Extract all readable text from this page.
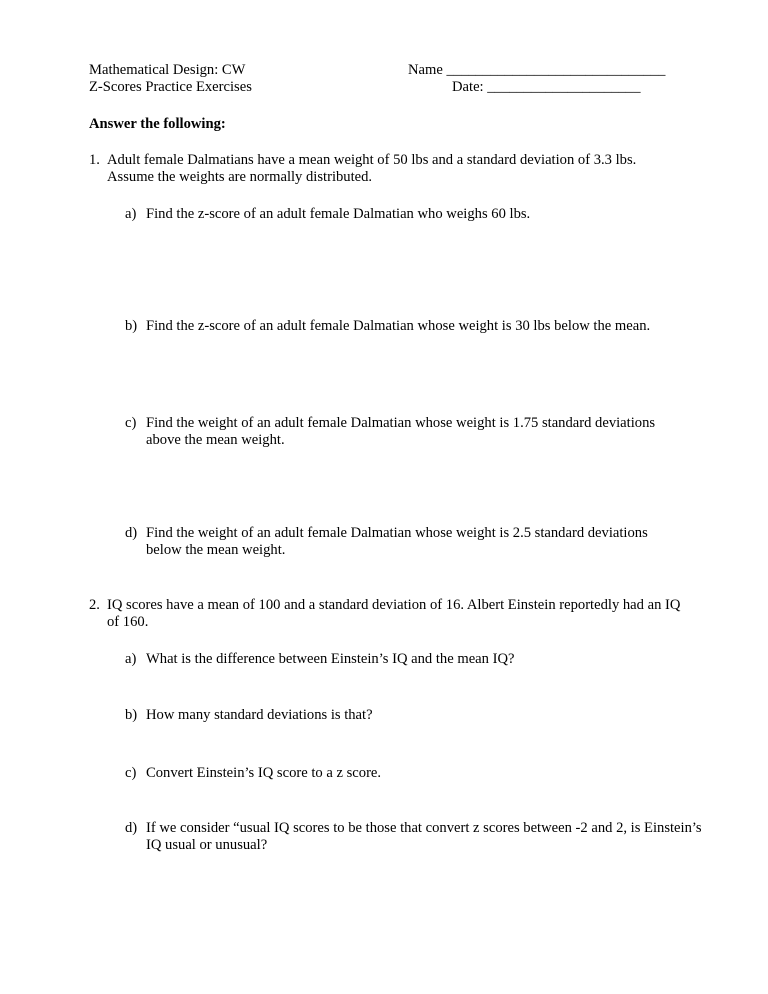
Mathematical Design: CW
Z-Scores Practice Exercises
Name ______________________________
Date: _____________________
Answer the following:
1. Adult female Dalmatians have a mean weight of 50 lbs and a standard deviation of 3.3 lbs.
Assume the weights are normally distributed.
a) Find the z-score of an adult female Dalmatian who weighs 60 lbs.
b) Find the z-score of an adult female Dalmatian whose weight is 30 lbs below the mean.
c) Find the weight of an adult female Dalmatian whose weight is 1.75 standard deviations
above the mean weight.
d) Find the weight of an adult female Dalmatian whose weight is 2.5 standard deviations
below the mean weight.
2. IQ scores have a mean of 100 and a standard deviation of 16. Albert Einstein reportedly had an IQ
of 160.
a) What is the difference between Einstein’s IQ and the mean IQ?
b) How many standard deviations is that?
c) Convert Einstein’s IQ score to a z score.
d) If we consider “usual IQ scores to be those that convert z scores between -2 and 2, is Einstein’s
IQ usual or unusual?
